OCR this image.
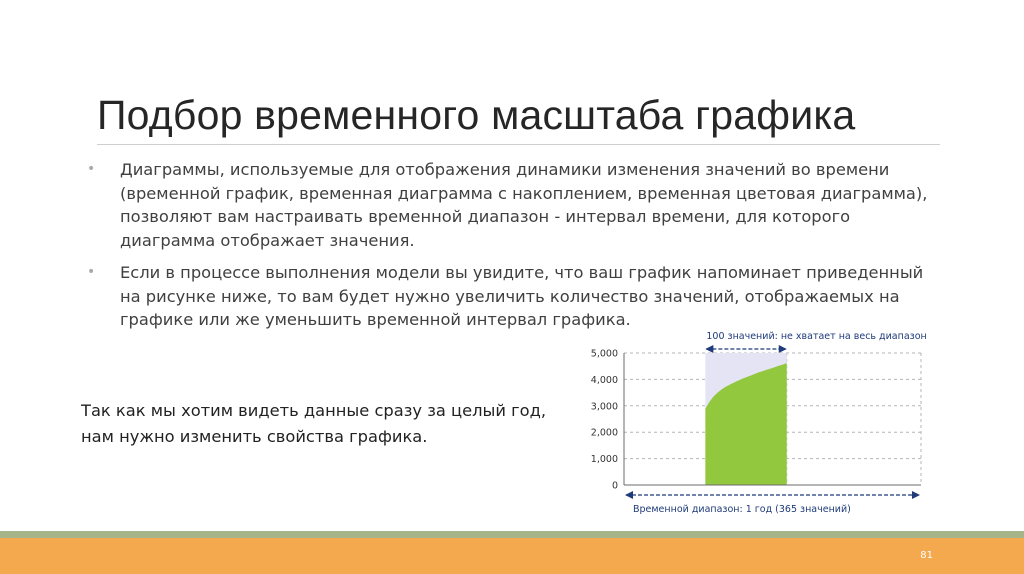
Подбор временного масштаба графика
• Диаграммы, используемые для отображения динамики изменения значений во времени (временной график, временная диаграмма с накоплением, временная цветовая диаграмма), позволяют вам настраивать временной диапазон - интервал времени, для которого диаграмма отображает значения.
• Если в процессе выполнения модели вы увидите, что ваш график напоминает приведенный на рисунке ниже, то вам будет нужно увеличить количество значений, отображаемых на графике или же уменьшить временной интервал графика.

Так как мы хотим видеть данные сразу за целый год,
нам нужно изменить свойства графика.

0
1,000
2,000
3,000
4,000
5,000
100 значений: не хватает на весь диапазон
Временной диапазон: 1 год (365 значений)
81
